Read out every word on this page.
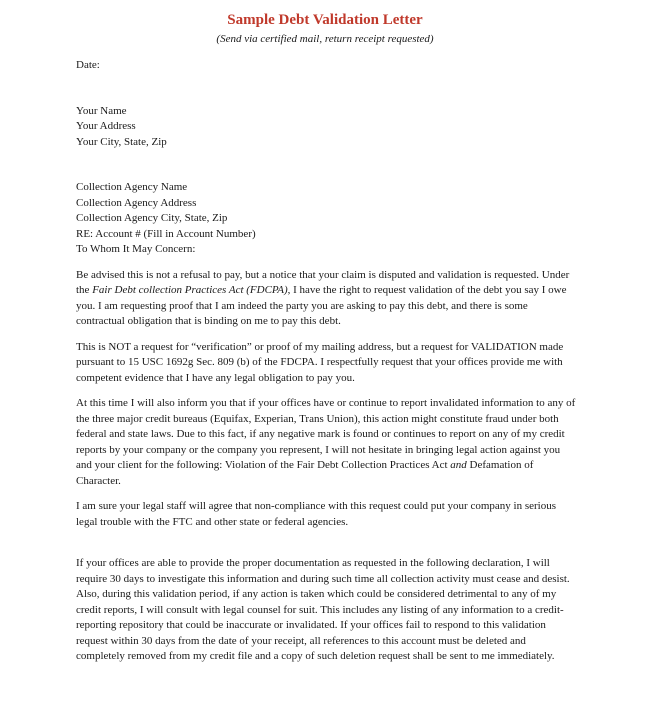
Sample Debt Validation Letter
(Send via certified mail, return receipt requested)

Date:

Your Name

Your Address

Your City, State, Zip

Collection Agency Name

Collection Agency Address

Collection Agency City, State, Zip

RE: Account # (Fill in Account Number)

To Whom It May Concern:

Be advised this is not a refusal to pay, but a notice that your claim is disputed and validation is requested. Under the Fair Debt collection Practices Act (FDCPA), I have the right to request validation of the debt you say I owe you. I am requesting proof that I am indeed the party you are asking to pay this debt, and there is some contractual obligation that is binding on me to pay this debt.

This is NOT a request for “verification” or proof of my mailing address, but a request for VALIDATION made pursuant to 15 USC 1692g Sec. 809 (b) of the FDCPA. I respectfully request that your offices provide me with competent evidence that I have any legal obligation to pay you.

At this time I will also inform you that if your offices have or continue to report invalidated information to any of the three major credit bureaus (Equifax, Experian, Trans Union), this action might constitute fraud under both federal and state laws. Due to this fact, if any negative mark is found or continues to report on any of my credit reports by your company or the company you represent, I will not hesitate in bringing legal action against you and your client for the following: Violation of the Fair Debt Collection Practices Act and Defamation of Character.

I am sure your legal staff will agree that non-compliance with this request could put your company in serious legal trouble with the FTC and other state or federal agencies.

If your offices are able to provide the proper documentation as requested in the following declaration, I will require 30 days to investigate this information and during such time all collection activity must cease and desist. Also, during this validation period, if any action is taken which could be considered detrimental to any of my credit reports, I will consult with legal counsel for suit. This includes any listing of any information to a credit-reporting repository that could be inaccurate or invalidated. If your offices fail to respond to this validation request within 30 days from the date of your receipt, all references to this account must be deleted and completely removed from my credit file and a copy of such deletion request shall be sent to me immediately.
